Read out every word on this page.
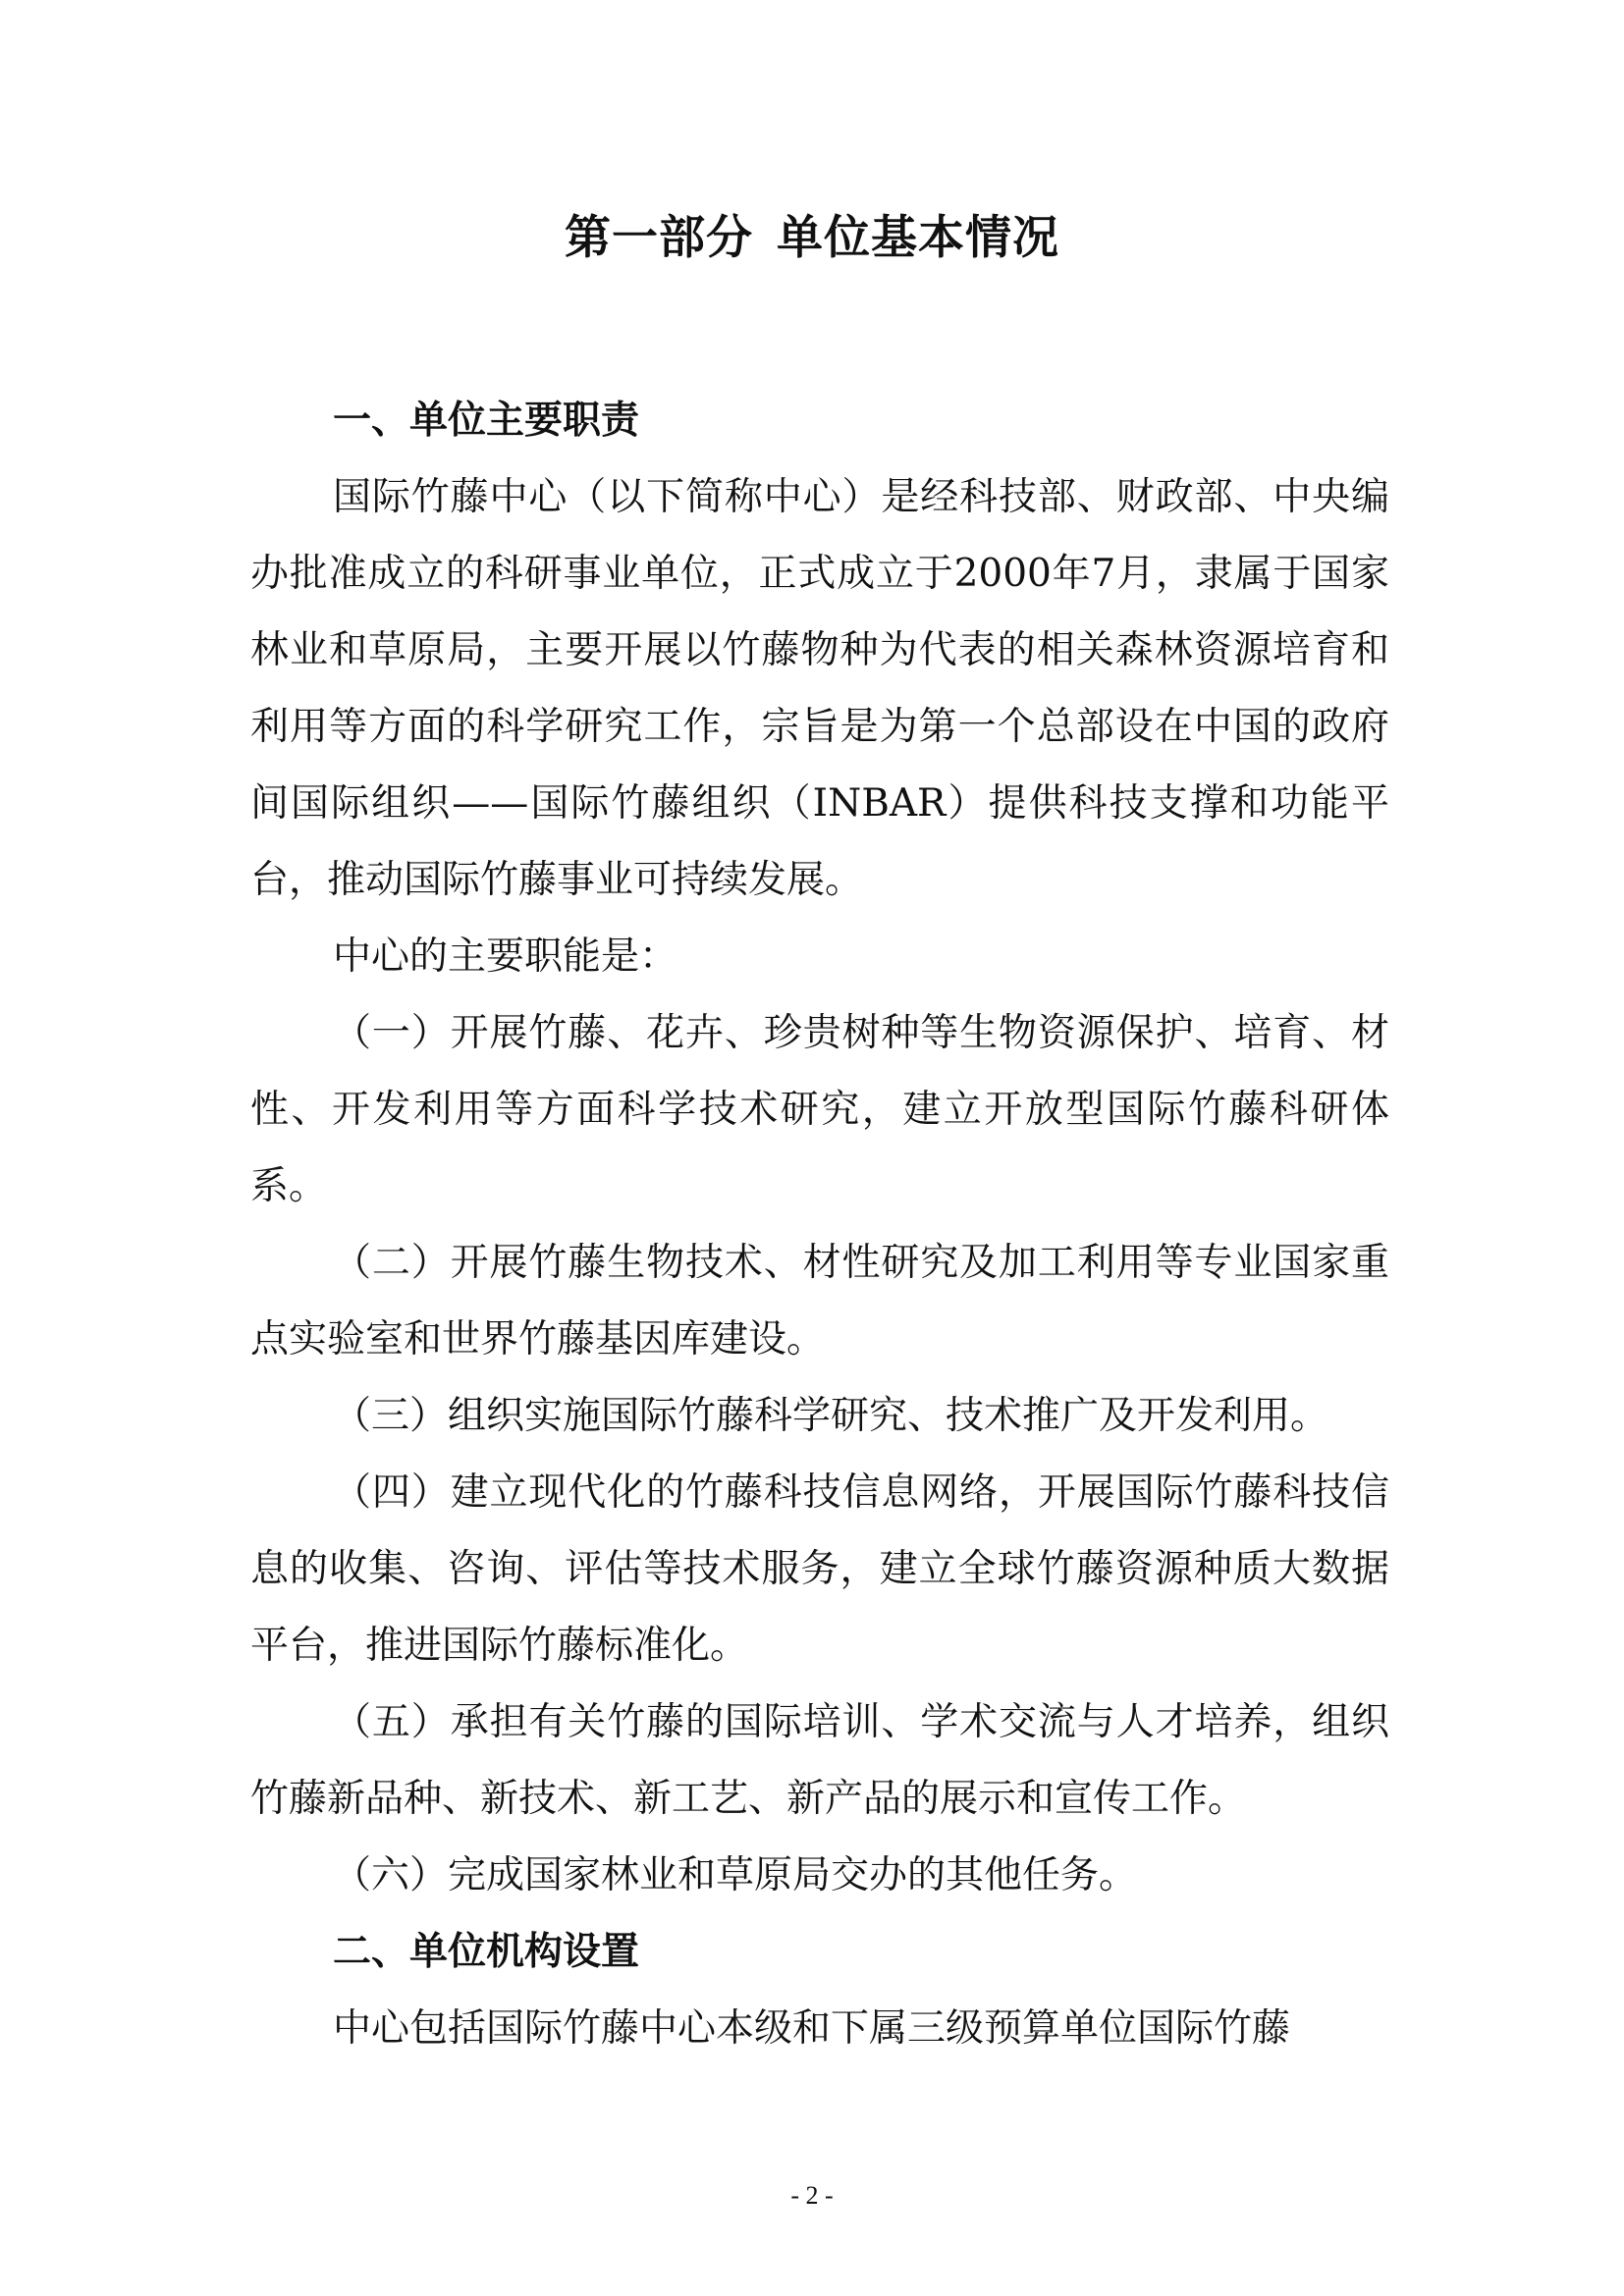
第一部分 单位基本情况
一、单位主要职责

国际竹藤中心（以下简称中心）是经科技部、财政部、中央编办批准成立的科研事业单位，正式成立于2000年7月，隶属于国家林业和草原局，主要开展以竹藤物种为代表的相关森林资源培育和利用等方面的科学研究工作，宗旨是为第一个总部设在中国的政府间国际组织——国际竹藤组织（INBAR）提供科技支撑和功能平台，推动国际竹藤事业可持续发展。

中心的主要职能是：

（一）开展竹藤、花卉、珍贵树种等生物资源保护、培育、材性、开发利用等方面科学技术研究，建立开放型国际竹藤科研体系。

（二）开展竹藤生物技术、材性研究及加工利用等专业国家重点实验室和世界竹藤基因库建设。

（三）组织实施国际竹藤科学研究、技术推广及开发利用。

（四）建立现代化的竹藤科技信息网络，开展国际竹藤科技信息的收集、咨询、评估等技术服务，建立全球竹藤资源种质大数据平台，推进国际竹藤标准化。

（五）承担有关竹藤的国际培训、学术交流与人才培养，组织竹藤新品种、新技术、新工艺、新产品的展示和宣传工作。

（六）完成国家林业和草原局交办的其他任务。

二、单位机构设置

中心包括国际竹藤中心本级和下属三级预算单位国际竹藤

- 2 -
